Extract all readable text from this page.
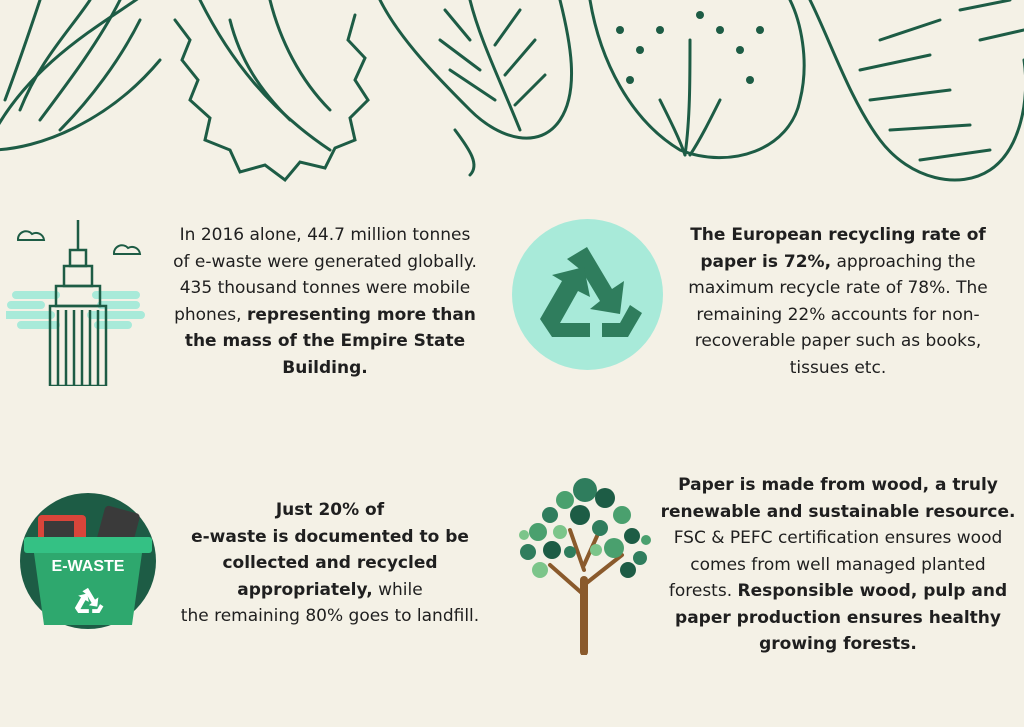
In 2016 alone, 44.7 million tonnes
of e-waste were generated globally.
435 thousand tonnes were mobile
phones, representing more than
the mass of the Empire State
Building.
The European recycling rate of
paper is 72%, approaching the
maximum recycle rate of 78%. The
remaining 22% accounts for non-
recoverable paper such as books,
tissues etc.
E-WASTE
Just 20% of
e-waste is documented to be
collected and recycled
appropriately, while
the remaining 80% goes to landfill.
Paper is made from wood, a truly
renewable and sustainable resource.
FSC & PEFC certification ensures wood
comes from well managed planted
forests. Responsible wood, pulp and
paper production ensures healthy
growing forests.
